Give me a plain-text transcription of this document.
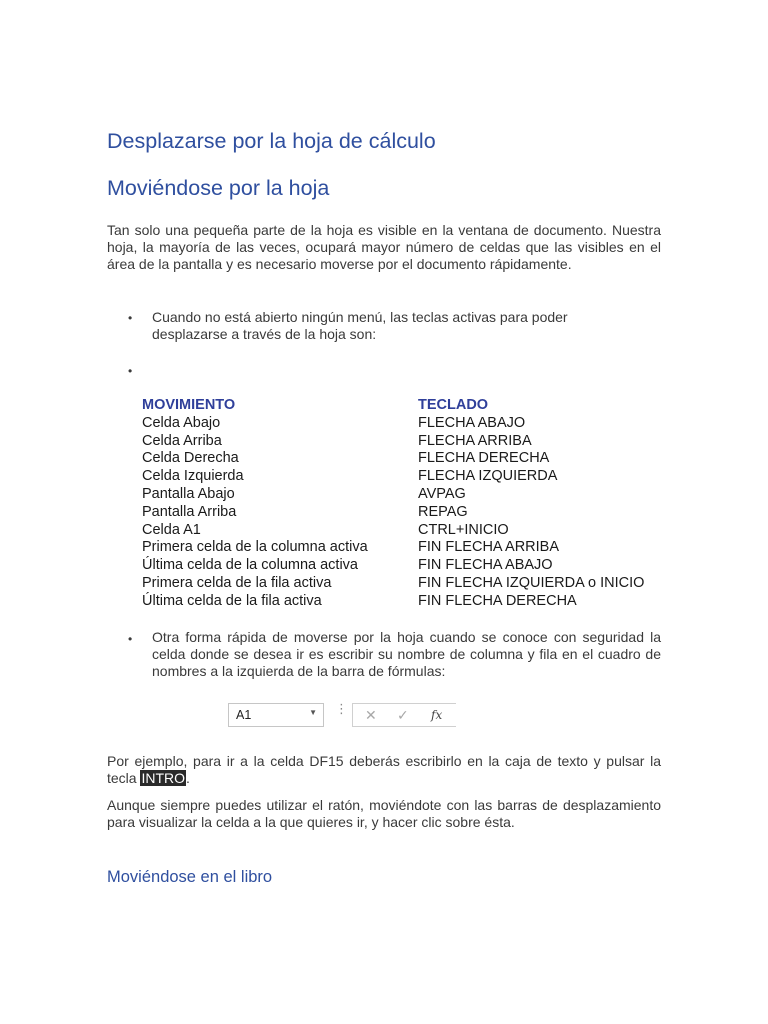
Desplazarse por la hoja de cálculo
Moviéndose por la hoja

Tan solo una pequeña parte de la hoja es visible en la ventana de documento. Nuestra hoja, la mayoría de las veces, ocupará mayor número de celdas que las visibles en el área de la pantalla y es necesario moverse por el documento rápidamente.

• Cuando no está abierto ningún menú, las teclas activas para poder desplazarse a través de la hoja son:

•
MOVIMIENTO	TECLADO
Celda Abajo	FLECHA ABAJO
Celda Arriba	FLECHA ARRIBA
Celda Derecha	FLECHA DERECHA
Celda Izquierda	FLECHA IZQUIERDA
Pantalla Abajo	AVPAG
Pantalla Arriba	REPAG
Celda A1	CTRL+INICIO
Primera celda de la columna activa	FIN FLECHA ARRIBA
Última celda de la columna activa	FIN FLECHA ABAJO
Primera celda de la fila activa	FIN FLECHA IZQUIERDA o INICIO
Última celda de la fila activa	FIN FLECHA DERECHA
• Otra forma rápida de moverse por la hoja cuando se conoce con seguridad la celda donde se desea ir es escribir su nombre de columna y fila en el cuadro de nombres a la izquierda de la barra de fórmulas:

A1	▼ ⋮ ✕ ✓ fx

Por ejemplo, para ir a la celda DF15 deberás escribirlo en la caja de texto y pulsar la tecla INTRO.

Aunque siempre puedes utilizar el ratón, moviéndote con las barras de desplazamiento para visualizar la celda a la que quieres ir, y hacer clic sobre ésta.

Moviéndose en el libro
